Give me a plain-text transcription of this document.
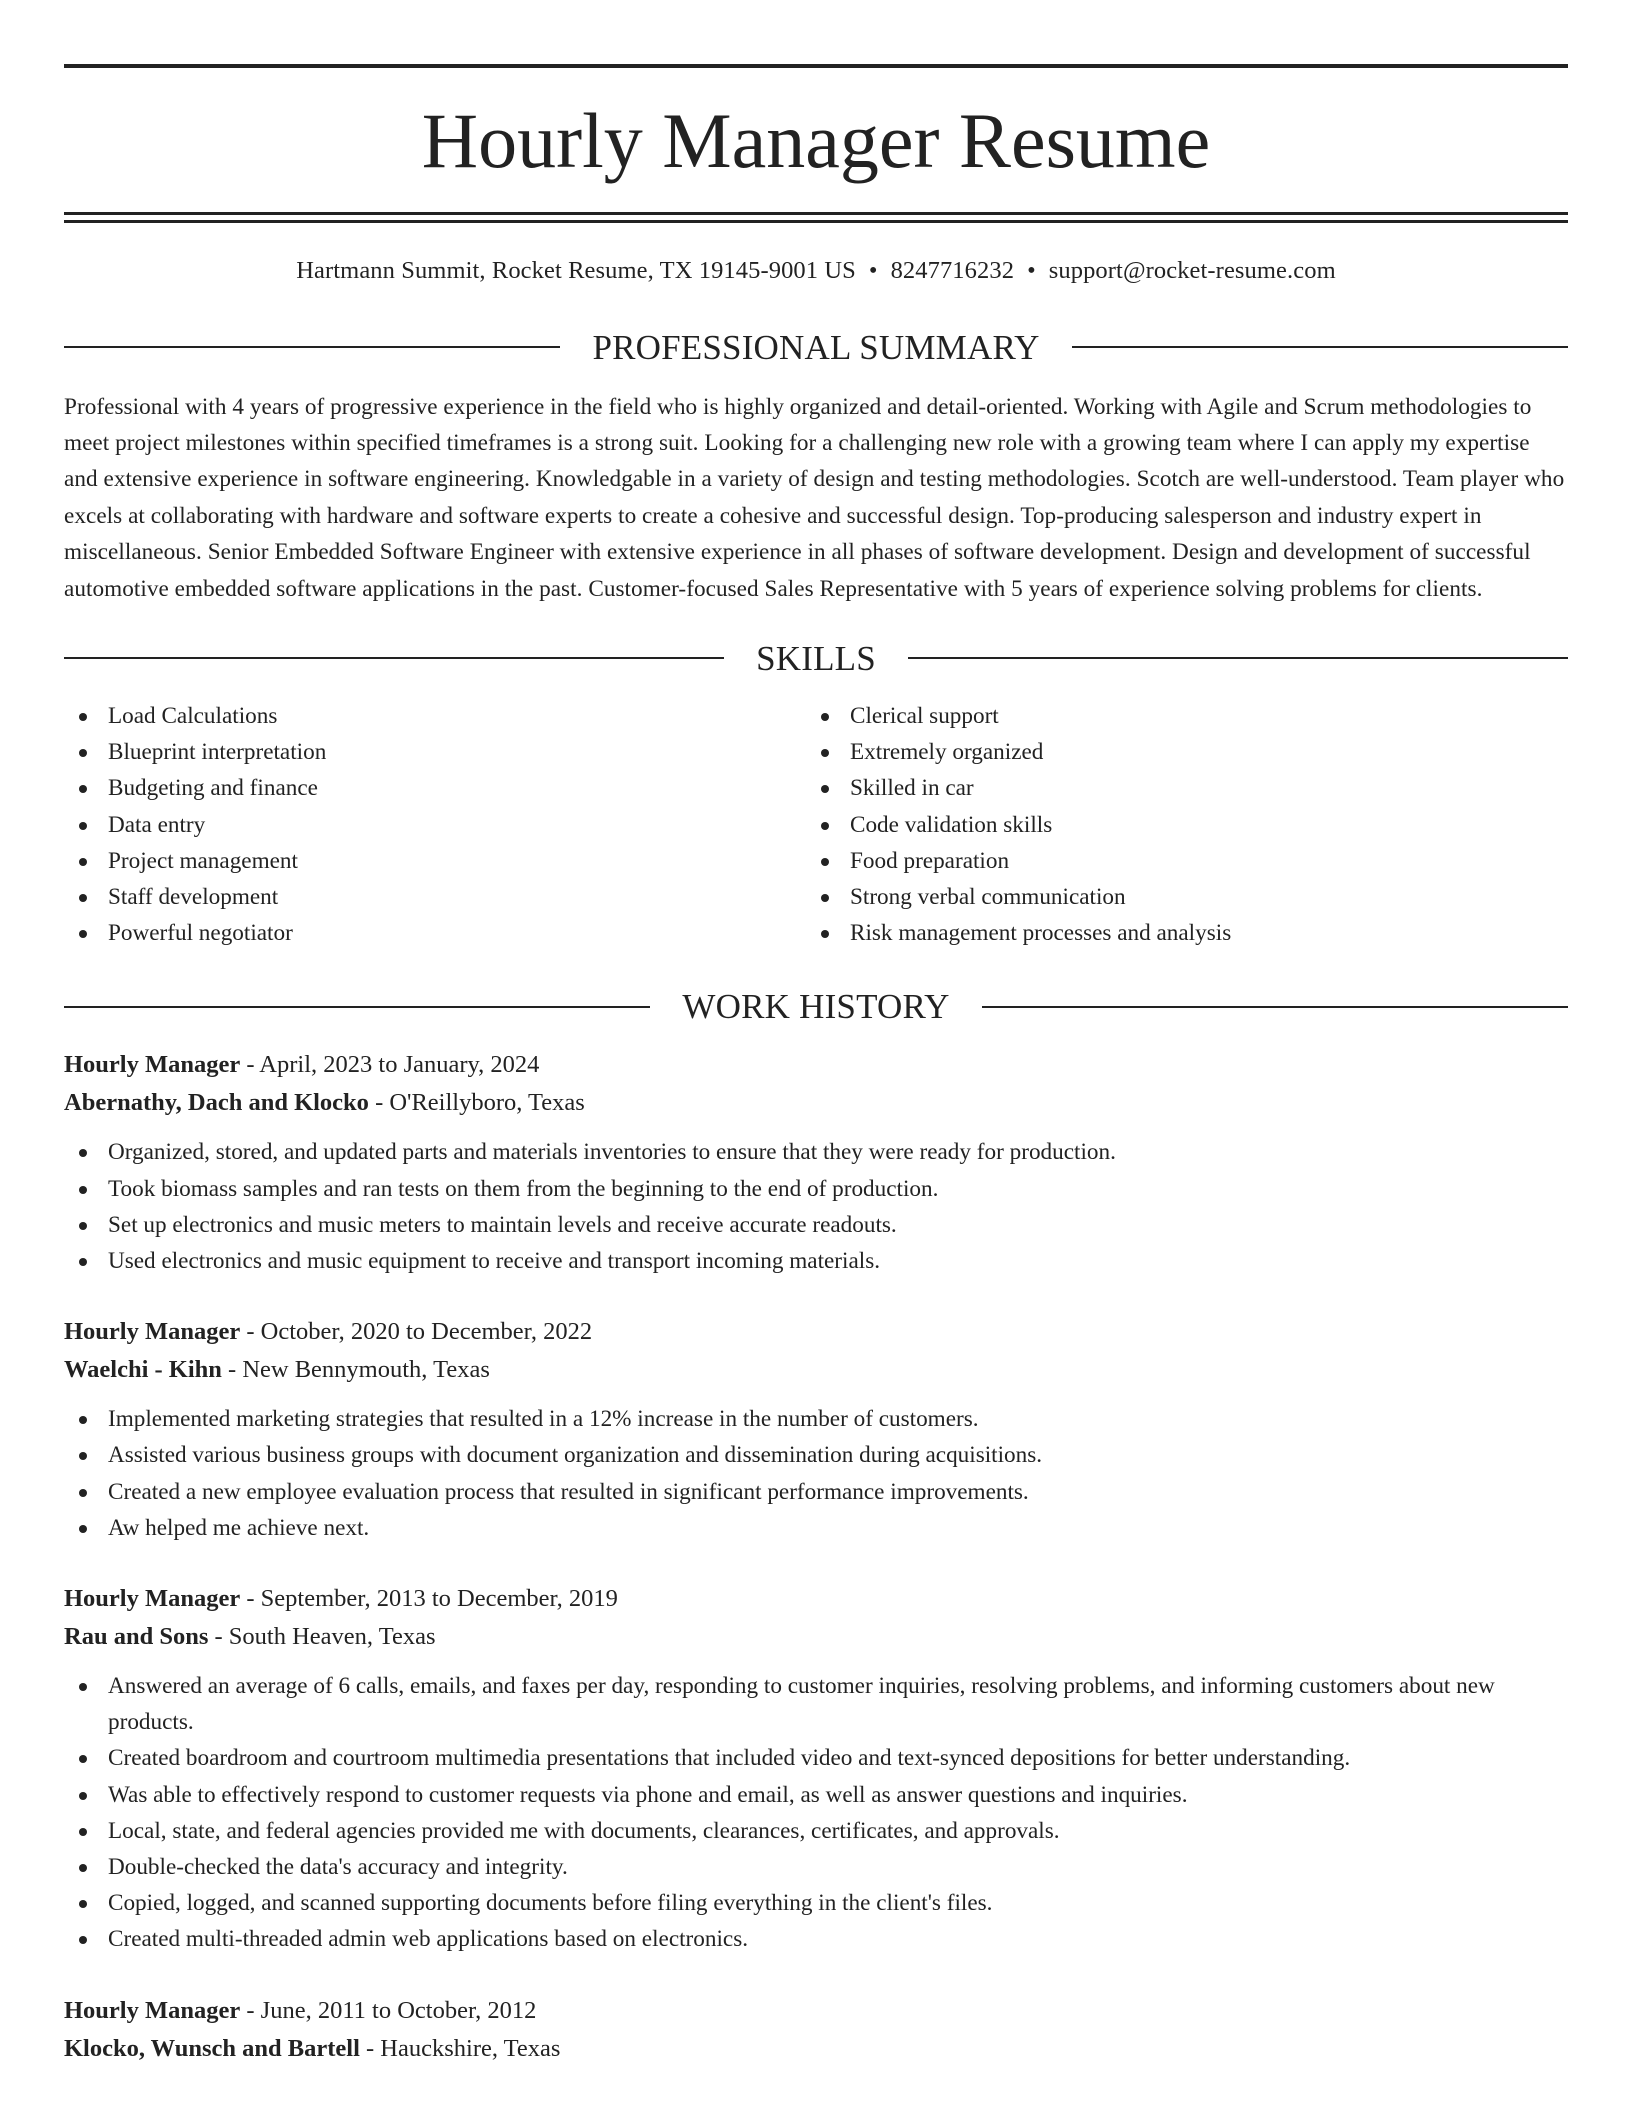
Hourly Manager Resume
Hartmann Summit, Rocket Resume, TX 19145-9001 US • 8247716232 • support@rocket-resume.com
PROFESSIONAL SUMMARY
Professional with 4 years of progressive experience in the field who is highly organized and detail-oriented. Working with Agile and Scrum methodologies to meet project milestones within specified timeframes is a strong suit. Looking for a challenging new role with a growing team where I can apply my expertise and extensive experience in software engineering. Knowledgable in a variety of design and testing methodologies. Scotch are well-understood. Team player who excels at collaborating with hardware and software experts to create a cohesive and successful design. Top-producing salesperson and industry expert in miscellaneous. Senior Embedded Software Engineer with extensive experience in all phases of software development. Design and development of successful automotive embedded software applications in the past. Customer-focused Sales Representative with 5 years of experience solving problems for clients.
SKILLS
Load Calculations
Blueprint interpretation
Budgeting and finance
Data entry
Project management
Staff development
Powerful negotiator
Clerical support
Extremely organized
Skilled in car
Code validation skills
Food preparation
Strong verbal communication
Risk management processes and analysis
WORK HISTORY
Hourly Manager - April, 2023 to January, 2024
Abernathy, Dach and Klocko - O'Reillyboro, Texas
Organized, stored, and updated parts and materials inventories to ensure that they were ready for production.
Took biomass samples and ran tests on them from the beginning to the end of production.
Set up electronics and music meters to maintain levels and receive accurate readouts.
Used electronics and music equipment to receive and transport incoming materials.
Hourly Manager - October, 2020 to December, 2022
Waelchi - Kihn - New Bennymouth, Texas
Implemented marketing strategies that resulted in a 12% increase in the number of customers.
Assisted various business groups with document organization and dissemination during acquisitions.
Created a new employee evaluation process that resulted in significant performance improvements.
Aw helped me achieve next.
Hourly Manager - September, 2013 to December, 2019
Rau and Sons - South Heaven, Texas
Answered an average of 6 calls, emails, and faxes per day, responding to customer inquiries, resolving problems, and informing customers about new products.
Created boardroom and courtroom multimedia presentations that included video and text-synced depositions for better understanding.
Was able to effectively respond to customer requests via phone and email, as well as answer questions and inquiries.
Local, state, and federal agencies provided me with documents, clearances, certificates, and approvals.
Double-checked the data's accuracy and integrity.
Copied, logged, and scanned supporting documents before filing everything in the client's files.
Created multi-threaded admin web applications based on electronics.
Hourly Manager - June, 2011 to October, 2012
Klocko, Wunsch and Bartell - Hauckshire, Texas
